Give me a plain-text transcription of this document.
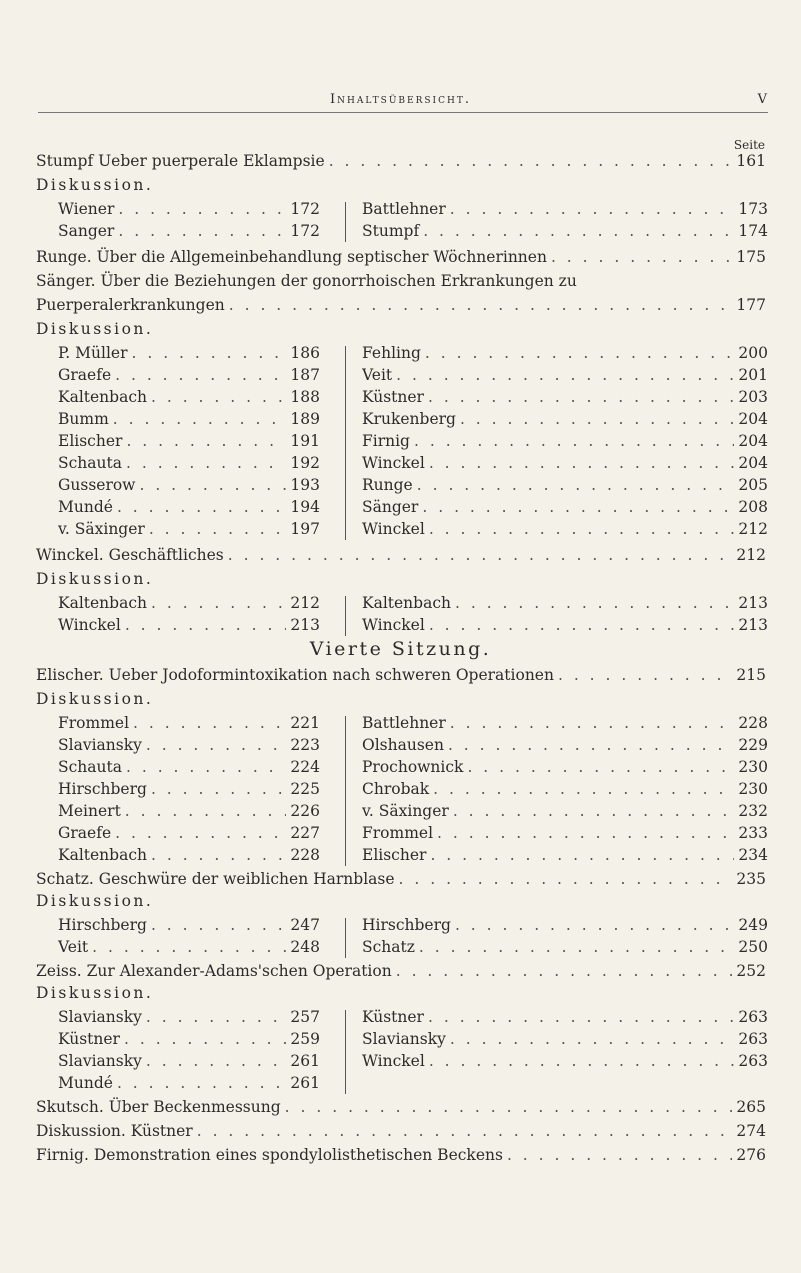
Inhaltsübersicht.	V
Seite
Stumpf Ueber puerperale Eklampsie . . .	161
Diskussion.
Wiener . . .	172
Sanger . . .	172
Battlehner . . .	173
Stumpf . . .	174
Runge. Über die Allgemeinbehandlung septischer Wöchnerinnen . . .	175
Sänger. Über die Beziehungen der gonorrhoischen Erkrankungen zu
Puerperalerkrankungen . . .	177
Diskussion.
P. Müller . . .	186
Graefe . . .	187
Kaltenbach . . .	188
Bumm . . .	189
Elischer . . .	191
Schauta . . .	192
Gusserow . . .	193
Mundé . . .	194
v. Säxinger . . .	197
Fehling . . .	200
Veit . . .	201
Küstner . . .	203
Krukenberg . . .	204
Firnig . . .	204
Winckel . . .	204
Runge . . .	205
Sänger . . .	208
Winckel . . .	212
Winckel. Geschäftliches . . .	212
Diskussion.
Kaltenbach . . .	212
Winckel . . .	213
Kaltenbach . . .	213
Winckel . . .	213
Vierte Sitzung.
Elischer. Ueber Jodoformintoxikation nach schweren Operationen . . .	215
Diskussion.
Frommel . . .	221
Slaviansky . . .	223
Schauta . . .	224
Hirschberg . . .	225
Meinert . . .	226
Graefe . . .	227
Kaltenbach . . .	228
Battlehner . . .	228
Olshausen . . .	229
Prochownick . . .	230
Chrobak . . .	230
v. Säxinger . . .	232
Frommel . . .	233
Elischer . . .	234
Schatz. Geschwüre der weiblichen Harnblase . . .	235
Diskussion.
Hirschberg . . .	247
Veit . . .	248
Hirschberg . . .	249
Schatz . . .	250
Zeiss. Zur Alexander-Adams'schen Operation . . .	252
Diskussion.
Slaviansky . . .	257
Küstner . . .	259
Slaviansky . . .	261
Mundé . . .	261
Küstner . . .	263
Slaviansky . . .	263
Winckel . . .	263
Skutsch. Über Beckenmessung . . .	265
Diskussion. Küstner . . .	274
Firnig. Demonstration eines spondylolisthetischen Beckens . . .	276
